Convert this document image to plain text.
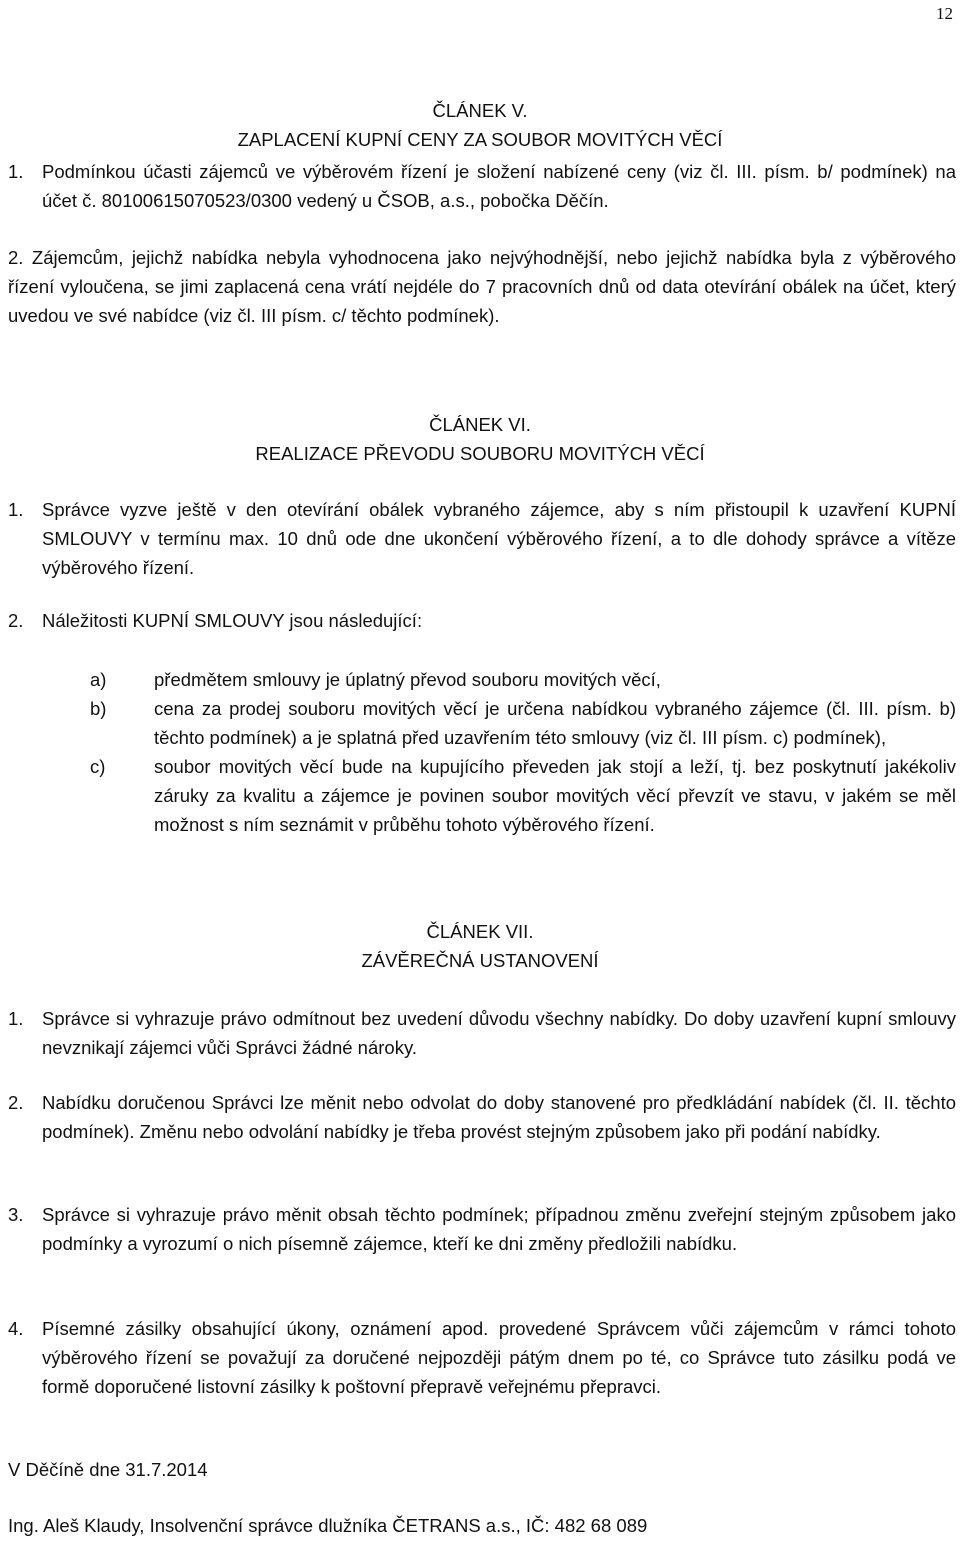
12
ČLÁNEK V.
ZAPLACENÍ KUPNÍ CENY ZA SOUBOR MOVITÝCH VĚCÍ
1.	Podmínkou účasti zájemců ve výběrovém řízení je složení nabízené ceny (viz čl. III. písm. b/ podmínek) na účet č. 80100615070523/0300 vedený u ČSOB, a.s., pobočka Děčín.
2. Zájemcům, jejichž nabídka nebyla vyhodnocena jako nejvýhodnější, nebo jejichž nabídka byla z výběrového řízení vyloučena, se jimi zaplacená cena vrátí nejdéle do 7 pracovních dnů od data otevírání obálek na účet, který uvedou ve své nabídce (viz čl. III písm. c/ těchto podmínek).
ČLÁNEK VI.
REALIZACE PŘEVODU SOUBORU MOVITÝCH VĚCÍ
1.	Správce vyzve ještě v den otevírání obálek vybraného zájemce, aby s ním přistoupil k uzavření KUPNÍ SMLOUVY v termínu max. 10 dnů ode dne ukončení výběrového řízení, a to dle dohody správce a vítěze výběrového řízení.
2.	Náležitosti KUPNÍ SMLOUVY jsou následující:
a)	předmětem smlouvy je úplatný převod souboru movitých věcí,
b)	cena za prodej souboru movitých věcí je určena nabídkou vybraného zájemce (čl. III. písm. b) těchto podmínek) a je splatná před uzavřením této smlouvy (viz čl. III písm. c) podmínek),
c)	soubor movitých věcí bude na kupujícího převeden jak stojí a leží, tj. bez poskytnutí jakékoliv záruky za kvalitu a zájemce je povinen soubor movitých věcí převzít ve stavu, v jakém se měl možnost s ním seznámit v průběhu tohoto výběrového řízení.
ČLÁNEK VII.
ZÁVĚREČNÁ USTANOVENÍ
1.	Správce si vyhrazuje právo odmítnout bez uvedení důvodu všechny nabídky. Do doby uzavření kupní smlouvy nevznikají zájemci vůči Správci žádné nároky.
2.	Nabídku doručenou Správci lze měnit nebo odvolat do doby stanovené pro předkládání nabídek (čl. II. těchto podmínek). Změnu nebo odvolání nabídky je třeba provést stejným způsobem jako při podání nabídky.
3.	Správce si vyhrazuje právo měnit obsah těchto podmínek; případnou změnu zveřejní stejným způsobem jako podmínky a vyrozumí o nich písemně zájemce, kteří ke dni změny předložili nabídku.
4.	Písemné zásilky obsahující úkony, oznámení apod. provedené Správcem vůči zájemcům v rámci tohoto výběrového řízení se považují za doručené nejpozději pátým dnem po té, co Správce tuto zásilku podá ve formě doporučené listovní zásilky k poštovní přepravě veřejnému přepravci.
V Děčíně dne 31.7.2014
Ing. Aleš Klaudy, Insolvenční správce dlužníka ČETRANS a.s., IČ: 482 68 089
